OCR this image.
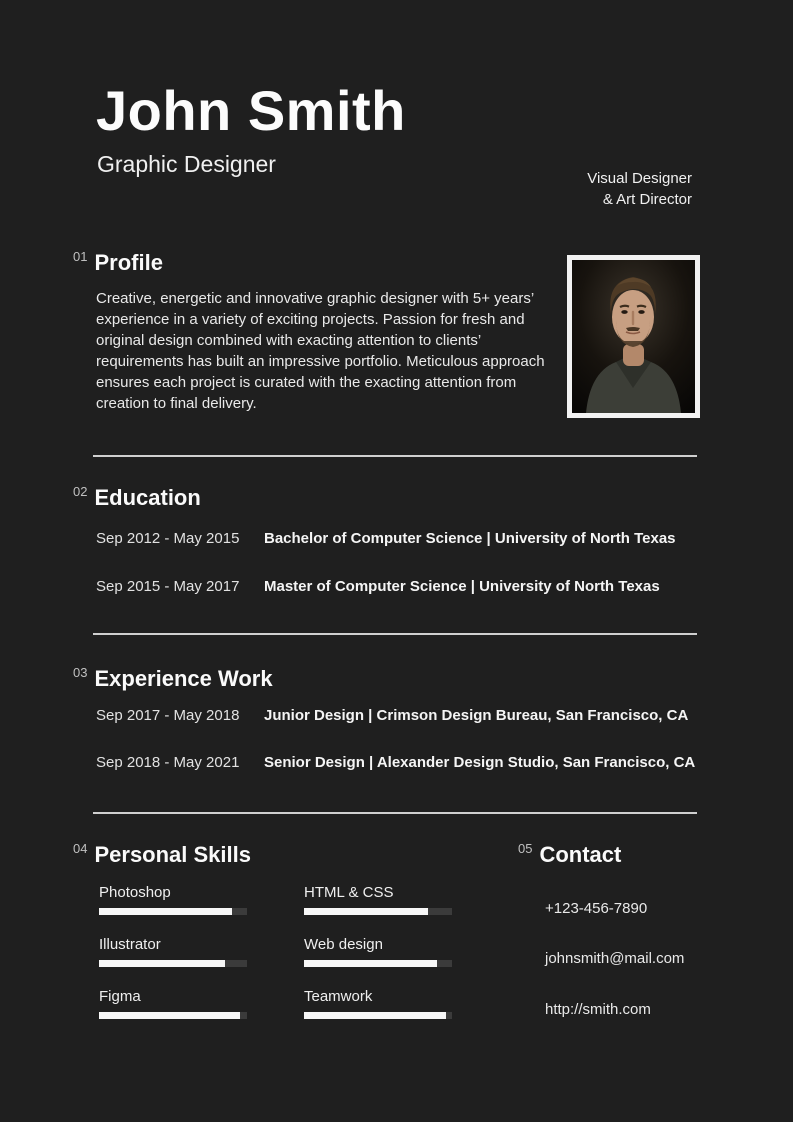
John Smith
Graphic Designer
Visual Designer
& Art Director
01 Profile
Creative, energetic and innovative graphic designer with 5+ years’ experience in a variety of exciting projects. Passion for fresh and original design combined with exacting attention to clients’ requirements has built an impressive portfolio. Meticulous approach ensures each project is curated with the exacting attention from creation to final delivery.
02 Education
Sep 2012 - May 2015	Bachelor of Computer Science | University of North Texas
Sep 2015 - May 2017	Master of Computer Science | University of North Texas
03 Experience Work
Sep 2017 - May 2018	Junior Design | Crimson Design Bureau, San Francisco, CA
Sep 2018 - May 2021	Senior Design | Alexander Design Studio, San Francisco, CA
04 Personal Skills
Photoshop	HTML & CSS
Illustrator	Web design
Figma	Teamwork
05 Contact
+123-456-7890
johnsmith@mail.com
http://smith.com
